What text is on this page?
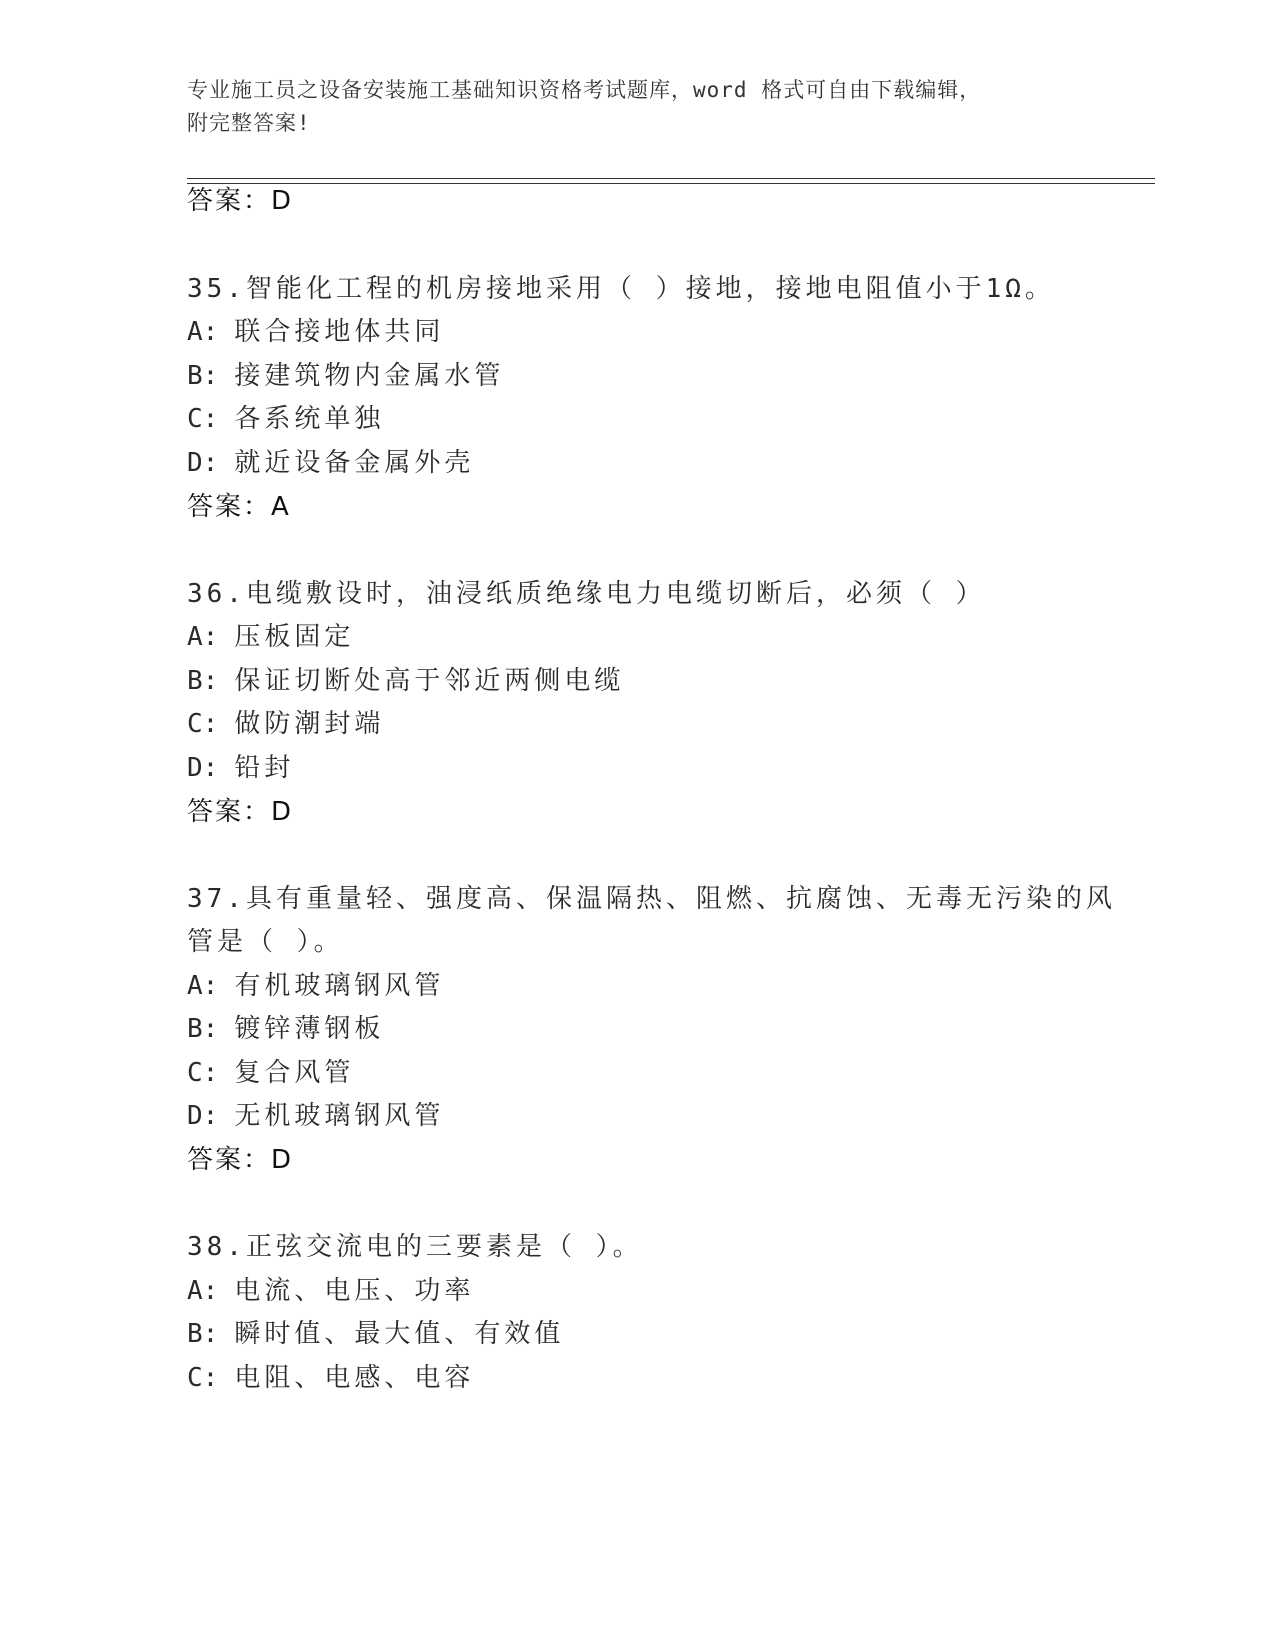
专业施工员之设备安装施工基础知识资格考试题库，word 格式可自由下载编辑，
附完整答案!
答案：D
35.智能化工程的机房接地采用（ ）接地，接地电阻值小于1Ω。
A: 联合接地体共同
B: 接建筑物内金属水管
C: 各系统单独
D: 就近设备金属外壳
答案：A
36.电缆敷设时，油浸纸质绝缘电力电缆切断后，必须（ ）
A: 压板固定
B: 保证切断处高于邻近两侧电缆
C: 做防潮封端
D: 铅封
答案：D
37.具有重量轻、强度高、保温隔热、阻燃、抗腐蚀、无毒无污染的风
管是（ ）。
A: 有机玻璃钢风管
B: 镀锌薄钢板
C: 复合风管
D: 无机玻璃钢风管
答案：D
38.正弦交流电的三要素是（ ）。
A: 电流、电压、功率
B: 瞬时值、最大值、有效值
C: 电阻、电感、电容
